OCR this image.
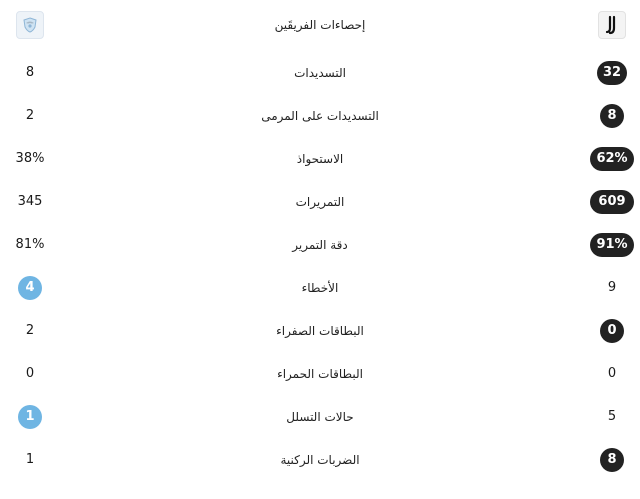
إحصاءات الفريقَين
8	التسديدات	32
2	التسديدات على المرمى	8
38%	الاستحواذ	62%
345	التمريرات	609
81%	دقة التمرير	91%
4	الأخطاء	9
2	البطاقات الصفراء	0
0	البطاقات الحمراء	0
1	حالات التسلل	5
1	الضربات الركنية	8
